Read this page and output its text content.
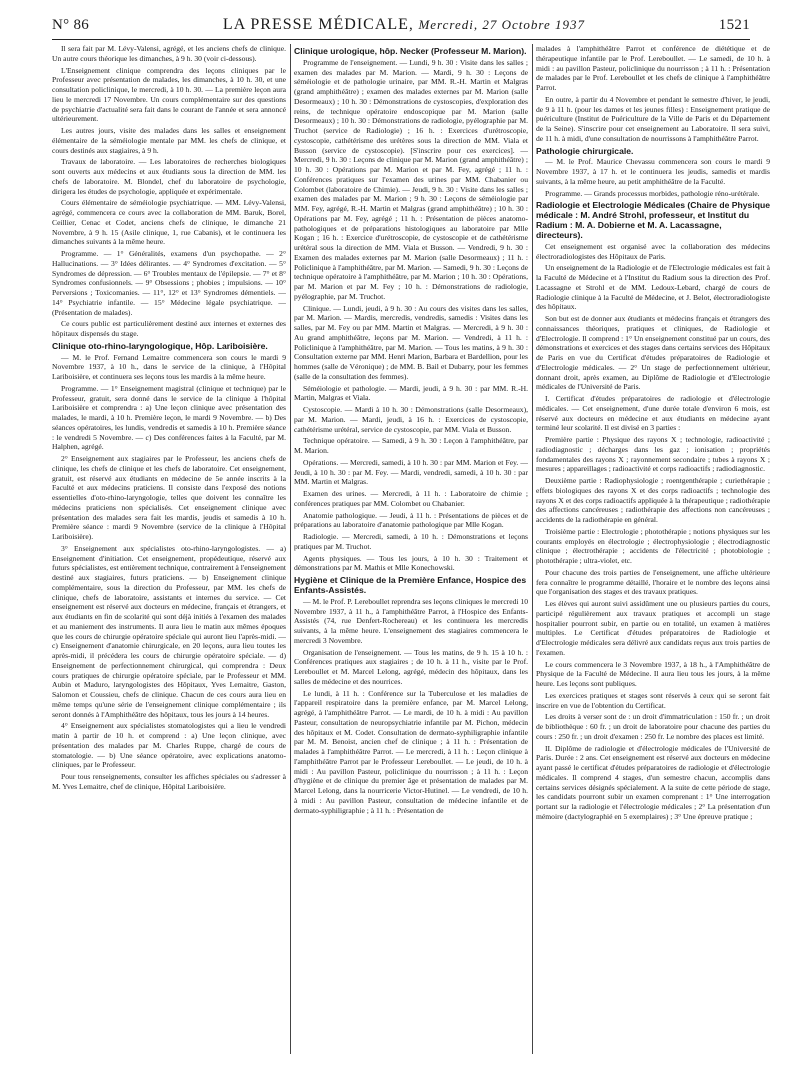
N° 86	LA PRESSE MÉDICALE, Mercredi, 27 Octobre 1937	1521

Il sera fait par M. Lévy-Valensi, agrégé, et les anciens chefs de clinique. Un autre cours théorique les dimanches, à 9 h. 30 (voir ci-dessous).

L'Enseignement clinique comprendra des leçons cliniques par le Professeur avec présentation de malades, les dimanches, à 10 h. 30, et une consultation policlinique, le mercredi, à 10 h. 30. — La première leçon aura lieu le mercredi 17 Novembre. Un cours complémentaire sur des questions de psychiatrie d'actualité sera fait dans le courant de l'année et sera annoncé ultérieurement.

Les autres jours, visite des malades dans les salles et enseignement élémentaire de la séméiologie mentale par MM. les chefs de clinique, et cours destinés aux stagiaires, à 9 h.

Travaux de laboratoire. — Les laboratoires de recherches biologiques sont ouverts aux médecins et aux étudiants sous la direction de MM. les chefs de laboratoire. M. Blondel, chef du laboratoire de psychologie, dirigera les études de psychologie, appliquée et expérimentale.

Cours élémentaire de séméiologie psychiatrique. — MM. Lévy-Valensi, agrégé, commencera ce cours avec la collaboration de MM. Baruk, Borel, Ceillier, Cenac et Codet, anciens chefs de clinique, le dimanche 21 Novembre, à 9 h. 15 (Asile clinique, 1, rue Cabanis), et le continuera les dimanches suivants à la même heure.

Programme. — 1° Généralités, examens d'un psychopathe. — 2° Hallucinations. — 3° Idées délirantes. — 4° Syndromes d'excitation. — 5° Syndromes de dépression. — 6° Troubles mentaux de l'épilepsie. — 7° et 8° Syndromes confusionnels. — 9° Obsessions ; phobies ; impulsions. — 10° Perversions ; Toxicomanies. — 11°, 12° et 13° Syndromes démentiels. — 14° Psychiatrie infantile. — 15° Médecine légale psychiatrique. — (Présentation de malades).

Ce cours public est particulièrement destiné aux internes et externes des hôpitaux dispensés du stage.

Clinique oto-rhino-laryngologique, Hôp. Lariboisière.

— M. le Prof. Fernand Lemaitre commencera son cours le mardi 9 Novembre 1937, à 10 h., dans le service de la clinique, à l'Hôpital Lariboisière, et continuera ses leçons tous les mardis à la même heure.

Programme. — 1° Enseignement magistral (clinique et technique) par le Professeur, gratuit, sera donné dans le service de la clinique à l'hôpital Lariboisière et comprendra : a) Une leçon clinique avec présentation des malades, le mardi, à 10 h. Première leçon, le mardi 9 Novembre. — b) Des séances opératoires, les lundis, vendredis et samedis à 10 h. Première séance : le vendredi 5 Novembre. — c) Des conférences faites à la Faculté, par M. Halphen, agrégé.

2° Enseignement aux stagiaires par le Professeur, les anciens chefs de clinique, les chefs de clinique et les chefs de laboratoire. Cet enseignement, gratuit, est réservé aux étudiants en médecine de 5e année inscrits à la Faculté et aux médecins praticiens. Il consiste dans l'exposé des notions essentielles d'oto-rhino-laryngologie, telles que doivent les connaître les médecins praticiens non spécialisés. Cet enseignement clinique avec présentation des malades sera fait les mardis, jeudis et samedis à 10 h. Première séance : mardi 9 Novembre (service de la clinique à l'Hôpital Lariboisière).

3° Enseignement aux spécialistes oto-rhino-laryngologistes. — a) Enseignement d'initiation. Cet enseignement, propédeutique, réservé aux futurs spécialistes, est entièrement technique, contrairement à l'enseignement destiné aux stagiaires, futurs praticiens. — b) Enseignement clinique complémentaire, sous la direction du Professeur, par MM. les chefs de clinique, chefs de laboratoire, assistants et internes du service. — Cet enseignement est réservé aux docteurs en médecine, français et étrangers, et aux étudiants en fin de scolarité qui sont déjà initiés à l'examen des malades et au maniement des instruments. Il aura lieu le matin aux mêmes époques que les cours de chirurgie opératoire spéciale qui auront lieu l'après-midi. — c) Enseignement d'anatomie chirurgicale, en 20 leçons, aura lieu toutes les après-midi, il précédera les cours de chirurgie opératoire spéciale. — d) Enseignement de perfectionnement chirurgical, qui comprendra : Deux cours pratiques de chirurgie opératoire spéciale, par le Professeur et MM. Aubin et Maduro, laryngologistes des Hôpitaux, Yves Lemaitre, Gaston, Salomon et Coussieu, chefs de clinique. Chacun de ces cours aura lieu en même temps qu'une série de l'enseignement clinique complémentaire ; ils seront donnés à l'Amphithéâtre des hôpitaux, tous les jours à 14 heures.

4° Enseignement aux spécialistes stomatologistes qui a lieu le vendredi matin à partir de 10 h. et comprend : a) Une leçon clinique, avec présentation des malades par M. Charles Ruppe, chargé de cours de stomatologie. — b) Une séance opératoire, avec explications anatomo-cliniques, par le Professeur.

Pour tous renseignements, consulter les affiches spéciales ou s'adresser à M. Yves Lemaitre, chef de clinique, Hôpital Lariboisière.

Clinique urologique, hôp. Necker (Professeur M. Marion).

Programme de l'enseignement. — Lundi, 9 h. 30 : Visite dans les salles ; examen des malades par M. Marion. — Mardi, 9 h. 30 : Leçons de séméiologie et de pathologie urinaire, par MM. R.-H. Martin et Malgras (grand amphithéâtre) ; examen des malades externes par M. Marion (salle Desormeaux) ; 10 h. 30 : Démonstrations de cystoscopies, d'exploration des reins, de technique opératoire endoscopique par M. Marion (salle Desormeaux) ; 10 h. 30 : Démonstrations de radiologie, pyélographie par M. Truchot (service de Radiologie) ; 16 h. : Exercices d'urétroscopie, cystoscopie, cathétérisme des urétères sous la direction de MM. Viala et Busson (service de cystoscopie). [S'inscrire pour ces exercices]. — Mercredi, 9 h. 30 : Leçons de clinique par M. Marion (grand amphithéâtre) ; 10 h. 30 : Opérations par M. Marion et par M. Fey, agrégé ; 11 h. : Conférences pratiques sur l'examen des urines par MM. Chabanier ou Colombet (laboratoire de Chimie). — Jeudi, 9 h. 30 : Visite dans les salles ; examen des malades par M. Marion ; 9 h. 30 : Leçons de séméiologie par MM. Fey, agrégé, R.-H. Martin et Malgras (grand amphithéâtre) ; 10 h. 30 : Opérations par M. Fey, agrégé ; 11 h. : Présentation de pièces anatomo-pathologiques et de préparations histologiques au laboratoire par Mlle Kogan ; 16 h. : Exercice d'urétroscopie, de cystoscopie et de cathétérisme urétéral sous la direction de MM. Viala et Busson. — Vendredi, 9 h. 30 : Examen des malades externes par M. Marion (salle Desormeaux) ; 11 h. : Policlinique à l'amphithéâtre, par M. Marion. — Samedi, 9 h. 30 : Leçons de technique opératoire à l'amphithéâtre, par M. Marion ; 10 h. 30 : Opérations, par M. Marion et par M. Fey ; 10 h. : Démonstrations de radiologie, pyélographie, par M. Truchot.

Clinique. — Lundi, jeudi, à 9 h. 30 : Au cours des visites dans les salles, par M. Marion. — Mardis, mercredis, vendredis, samedis : Visites dans les salles, par M. Fey ou par MM. Martin et Malgras. — Mercredi, à 9 h. 30 : Au grand amphithéâtre, leçons par M. Marion. — Vendredi, à 11 h. : Policlinique à l'amphithéâtre, par M. Marion. — Tous les matins, à 9 h. 30 : Consultation externe par MM. Henri Marion, Barbara et Bardellion, pour les hommes (salle de Véronique) ; de MM. B. Bail et Dubarry, pour les femmes (salle de la consultation des femmes).

Séméiologie et pathologie. — Mardi, jeudi, à 9 h. 30 : par MM. R.-H. Martin, Malgras et Viala.

Cystoscopie. — Mardi à 10 h. 30 : Démonstrations (salle Desormeaux), par M. Marion. — Mardi, jeudi, à 16 h. : Exercices de cystoscopie, cathétérisme urétéral, service de cystoscopie, par MM. Viala et Busson.

Technique opératoire. — Samedi, à 9 h. 30 : Leçon à l'amphithéâtre, par M. Marion.

Opérations. — Mercredi, samedi, à 10 h. 30 : par MM. Marion et Fey. — Jeudi, à 10 h. 30 : par M. Fey. — Mardi, vendredi, samedi, à 10 h. 30 : par MM. Martin et Malgras.

Examen des urines. — Mercredi, à 11 h. : Laboratoire de chimie ; conférences pratiques par MM. Colombet ou Chabanier.

Anatomie pathologique. — Jeudi, à 11 h. : Présentations de pièces et de préparations au laboratoire d'anatomie pathologique par Mlle Kogan.

Radiologie. — Mercredi, samedi, à 10 h. : Démonstrations et leçons pratiques par M. Truchot.

Agents physiques. — Tous les jours, à 10 h. 30 : Traitement et démonstrations par M. Mathis et Mlle Konechowski.

Hygiène et Clinique de la Première Enfance, Hospice des Enfants-Assistés.

— M. le Prof. P. Lereboullet reprendra ses leçons cliniques le mercredi 10 Novembre 1937, à 11 h., à l'amphithéâtre Parrot, à l'Hospice des Enfants-Assistés (74, rue Denfert-Rochereau) et les continuera les mercredis suivants, à la même heure. L'enseignement des stagiaires commencera le mercredi 3 Novembre.

Organisation de l'enseignement. — Tous les matins, de 9 h. 15 à 10 h. : Conférences pratiques aux stagiaires ; de 10 h. à 11 h., visite par le Prof. Lereboullet et M. Marcel Lelong, agrégé, médecin des hôpitaux, dans les salles de médecine et des nourrices.

Le lundi, à 11 h. : Conférence sur la Tuberculose et les maladies de l'appareil respiratoire dans la première enfance, par M. Marcel Lelong, agrégé, à l'amphithéâtre Parrot. — Le mardi, de 10 h. à midi : Au pavillon Pasteur, consultation de neuropsychiatrie infantile par M. Pichon, médecin des hôpitaux et M. Codet. Consultation de dermato-syphiligraphie infantile par M. M. Benoist, ancien chef de clinique ; à 11 h. : Présentation de malades à l'amphithéâtre Parrot. — Le mercredi, à 11 h. : Leçon clinique à l'amphithéâtre Parrot par le Professeur Lereboullet. — Le jeudi, de 10 h. à midi : Au pavillon Pasteur, policlinique du nourrisson ; à 11 h. : Leçon d'hygiène et de clinique du premier âge et présentation de malades par M. Marcel Lelong, dans la nourricerie Victor-Hutinel. — Le vendredi, de 10 h. à midi : Au pavillon Pasteur, consultation de médecine infantile et de dermato-syphiligraphie ; à 11 h. : Présentation de

malades à l'amphithéâtre Parrot et conférence de diététique et de thérapeutique infantile par le Prof. Lereboullet. — Le samedi, de 10 h. à midi : au pavillon Pasteur, policlinique du nourrisson ; à 11 h. : Présentation de malades par le Prof. Lereboullet et les chefs de clinique à l'amphithéâtre Parrot.

En outre, à partir du 4 Novembre et pendant le semestre d'hiver, le jeudi, de 9 à 11 h. (pour les dames et les jeunes filles) : Enseignement pratique de puériculture (Institut de Puériculture de la Ville de Paris et du Département de la Seine). S'inscrire pour cet enseignement au Laboratoire. Il sera suivi, de 11 h. à midi, d'une consultation de nourrissons à l'amphithéâtre Parrot.

Pathologie chirurgicale.

— M. le Prof. Maurice Chevassu commencera son cours le mardi 9 Novembre 1937, à 17 h. et le continuera les jeudis, samedis et mardis suivants, à la même heure, au petit amphithéâtre de la Faculté.

Programme. — Grands processus morbides, pathologie réno-urétérale.

Radiologie et Electrologie Médicales (Chaire de Physique médicale : M. André Strohl, professeur, et Institut du Radium : M. A. Dobierne et M. A. Lacassagne, directeurs).

Cet enseignement est organisé avec la collaboration des médecins électroradiologistes des Hôpitaux de Paris.

Un enseignement de la Radiologie et de l'Electrologie médicales est fait à la Faculté de Médecine et à l'Institut du Radium sous la direction des Prof. Lacassagne et Strohl et de MM. Ledoux-Lebard, chargé de cours de Radiologie clinique à la Faculté de Médecine, et J. Belot, électroradiologiste des hôpitaux.

Son but est de donner aux étudiants et médecins français et étrangers des connaissances théoriques, pratiques et cliniques, de Radiologie et d'Electrologie. Il comprend : 1° Un enseignement constitué par un cours, des démonstrations et exercices et des stages dans certains services des Hôpitaux de Paris en vue du Certificat d'études préparatoires de Radiologie et d'Electrologie médicales. — 2° Un stage de perfectionnement ultérieur, donnant droit, après examen, au Diplôme de Radiologie et d'Electrologie médicales de l'Université de Paris.

I. Certificat d'études préparatoires de radiologie et d'électrologie médicales. — Cet enseignement, d'une durée totale d'environ 6 mois, est réservé aux docteurs en médecine et aux étudiants en médecine ayant terminé leur scolarité. Il est divisé en 3 parties :

Première partie : Physique des rayons X ; technologie, radioactivité ; radiodiagnostic ; décharges dans les gaz ; ionisation ; propriétés fondamentales des rayons X ; rayonnement secondaire ; tubes à rayons X ; mesures ; appareillages ; radioactivité et corps radioactifs ; radiodiagnostic.

Deuxième partie : Radiophysiologie ; roentgenthérapie ; curiethérapie ; effets biologiques des rayons X et des corps radioactifs ; technologie des rayons X et des corps radioactifs appliquée à la thérapeutique ; radiothérapie des affections cancéreuses ; radiothérapie des affections non cancéreuses ; accidents de la radiothérapie en général.

Troisième partie : Electrologie ; photothérapie ; notions physiques sur les courants employés en électrologie ; électrophysiologie ; électrodiagnostic clinique ; électrothérapie ; accidents de l'électricité ; photobiologie ; photothérapie ; ultra-violet, etc.

Pour chacune des trois parties de l'enseignement, une affiche ultérieure fera connaître le programme détaillé, l'horaire et le nombre des leçons ainsi que l'organisation des stages et des travaux pratiques.

Les élèves qui auront suivi assidûment une ou plusieurs parties du cours, participé régulièrement aux travaux pratiques et accompli un stage hospitalier pourront subir, en partie ou en totalité, un examen à matières multiples. Le Certificat d'études préparatoires de Radiologie et d'Electrologie médicales sera délivré aux candidats reçus aux trois parties de l'examen.

Le cours commencera le 3 Novembre 1937, à 18 h., à l'Amphithéâtre de Physique de la Faculté de Médecine. Il aura lieu tous les jours, à la même heure. Les leçons sont publiques.

Les exercices pratiques et stages sont réservés à ceux qui se seront fait inscrire en vue de l'obtention du Certificat.

Les droits à verser sont de : un droit d'immatriculation : 150 fr. ; un droit de bibliothèque : 60 fr. ; un droit de laboratoire pour chacune des parties du cours : 250 fr. ; un droit d'examen : 250 fr. Le nombre des places est limité.

II. Diplôme de radiologie et d'électrologie médicales de l'Université de Paris. Durée : 2 ans. Cet enseignement est réservé aux docteurs en médecine ayant passé le certificat d'études préparatoires de radiologie et d'électrologie médicales. Il comprend 4 stages, d'un semestre chacun, accomplis dans certains services désignés spécialement. A la suite de cette période de stage, les candidats pourront subir un examen comprenant : 1° Une interrogation portant sur la radiologie et l'électrologie médicales ; 2° La présentation d'un mémoire (dactylographié en 5 exemplaires) ; 3° Une épreuve pratique ;
